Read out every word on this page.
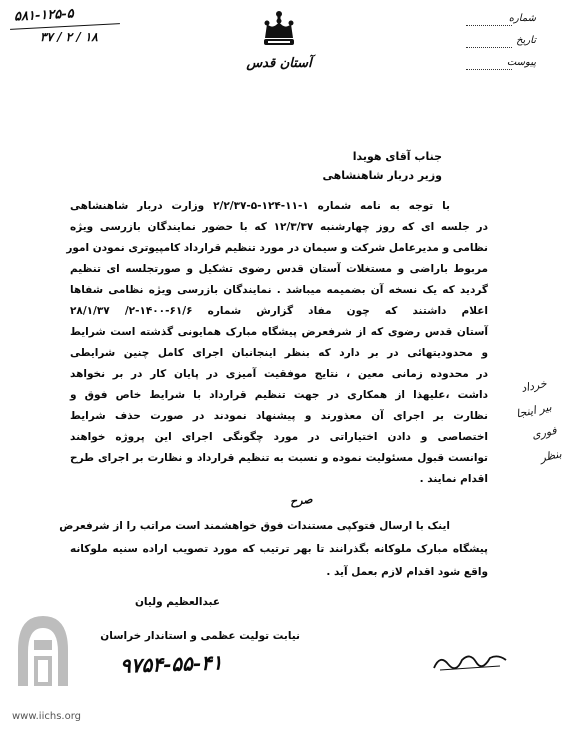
۵۸۱-۱۲۵-۵
۱۸ / ۲ / ۳۷
آستان قدس
شماره
تاریخ
پیوست
جناب آقای هویدا
وزیر دربار شاهنشاهی
با توجه به نامه شماره ۱-۱۱-۱۲۴-۵-۲/۲/۳۷ وزارت دربار شاهنشاهی
در جلسه ای که روز چهارشنبه ۱۲/۳/۳۷ که با حضور نمایندگان بازرسی ویژه
نظامی و مدیرعامل شرکت و سیمان در مورد تنظیم قرارداد کامپیوتری نمودن امور
مربوط باراضی و مستغلات آستان قدس رضوی تشکیل و صورتجلسه ای تنظیم
گردید که یک نسخه آن بضمیمه میباشد . نمایندگان بازرسی ویژه نظامی شفاها
اعلام داشتند که چون مفاد گزارش شماره ۶۱/۶-۱۴۰۰-۲/ ۲۸/۱/۳۷
آستان قدس رضوی که از شرفعرض پیشگاه مبارک همایونی گذشته است شرایط
و محدودیتهائی در بر دارد که بنظر اینجانبان اجرای کامل چنین شرایطی
در محدوده زمانی معین ، نتایج موفقیت آمیزی در پایان کار در بر نخواهد
داشت ،علیهذا از همکاری در جهت تنظیم قرارداد با شرایط خاص فوق و
نظارت بر اجرای آن معذورند و پیشنهاد نمودند در صورت حذف شرایط
اختصاصی و دادن اختیاراتی در مورد چگونگی اجرای این پروژه خواهند
توانست قبول مسئولیت نموده و نسبت به تنظیم قرارداد و نظارت بر اجرای طرح
اقدام نمایند .
صرح
اینک با ارسال فتوکپی مستندات فوق خواهشمند است مراتب را از شرفعرض
پیشگاه مبارک ملوکانه بگذرانند تا بهر ترتیب که مورد تصویب اراده سنیه ملوکانه
واقع شود اقدام لازم بعمل آید .
عبدالعظیم ولیان
نیابت تولیت عظمی و استاندار خراسان
۹۷۵۴-۵۵-۴۱
خرداد
بیر اینجا
فوری
بنظر
www.iichs.org
